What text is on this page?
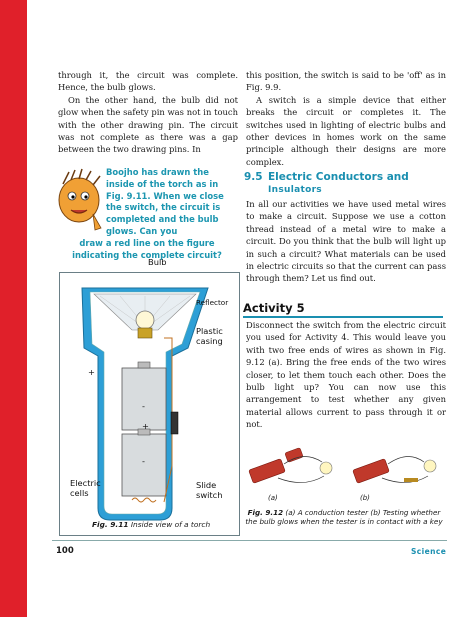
through it, the circuit was complete. Hence, the bulb glows.

On the other hand, the bulb did not glow when the safety pin was not in touch with the other drawing pin. The circuit was not complete as there was a gap between the two drawing pins. In

Boojho has drawn the inside of the torch as in Fig. 9.11. When we close the switch, the circuit is completed and the bulb glows. Can you
draw a red line on the figure indicating the complete circuit?
+
-
+
-
Bulb
Reflector
Plastic casing
Electric cells
Slide switch
Fig. 9.11 Inside view of a torch

this position, the switch is said to be 'off' as in Fig. 9.9.

A switch is a simple device that either breaks the circuit or completes it. The switches used in lighting of electric bulbs and other devices in homes work on the same principle although their designs are more complex.

9.5 Electric Conductors and
Insulators
In all our activities we have used metal wires to make a circuit. Suppose we use a cotton thread instead of a metal wire to make a circuit. Do you think that the bulb will light up in such a circuit? What materials can be used in electric circuits so that the current can pass through them? Let us find out.
Activity 5
Disconnect the switch from the electric circuit you used for Activity 4. This would leave you with two free ends of wires as shown in Fig. 9.12 (a). Bring the free ends of the two wires closer, to let them touch each other. Does the bulb light up? You can now use this arrangement to test whether any given material allows current to pass through it or not.
(a)	(b)
Fig. 9.12 (a) A conduction tester (b) Testing whether the bulb glows when the tester is in contact with a key
100	Science
